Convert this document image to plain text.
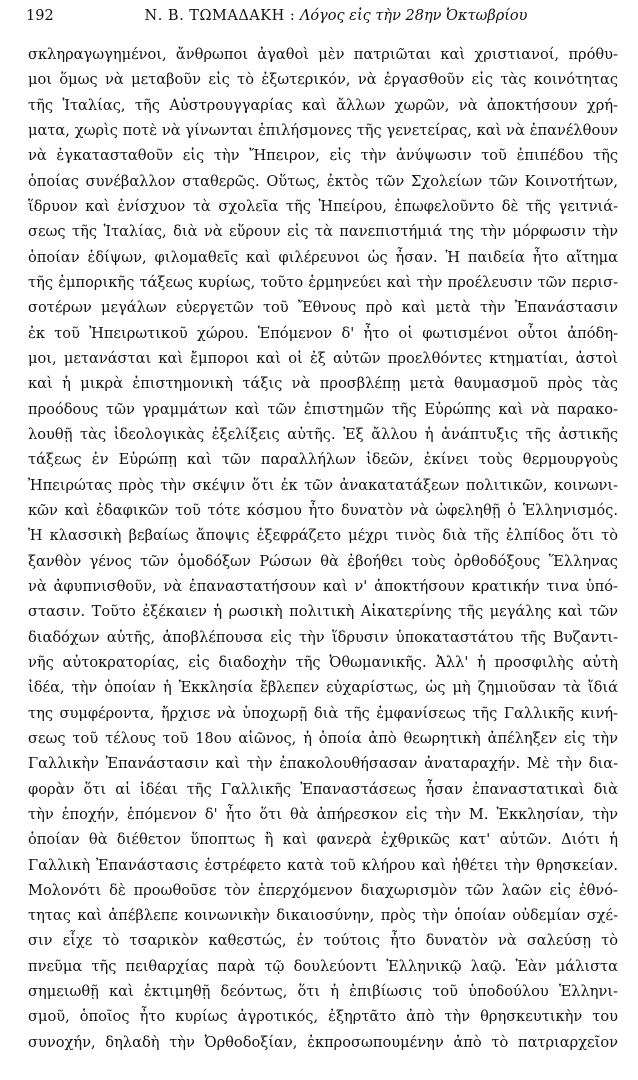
192	Ν. Β. ΤΩΜΑΔΑΚΗ : Λόγος εἰς τὴν 28ην Ὀκτωβρίου
σκληραγωγημένοι, ἄνθρωποι ἀγαθοὶ μὲν πατριῶται καὶ χριστιανοί, πρόθυ-
μοι ὅμως νὰ μεταβοῦν εἰς τὸ ἐξωτερικόν, νὰ ἐργασθοῦν εἰς τὰς κοινότητας
τῆς Ἰταλίας, τῆς Αὐστρουγγαρίας καὶ ἄλλων χωρῶν, νὰ ἀποκτήσουν χρή-
ματα, χωρὶς ποτὲ νὰ γίνωνται ἐπιλήσμονες τῆς γενετείρας, καὶ νὰ ἐπανέλθουν
νὰ ἐγκατασταθοῦν εἰς τὴν Ἤπειρον, εἰς τὴν ἀνύψωσιν τοῦ ἐπιπέδου τῆς
ὁποίας συνέβαλλον σταθερῶς. Οὕτως, ἐκτὸς τῶν Σχολείων τῶν Κοινοτήτων,
ἵδρυον καὶ ἐνίσχυον τὰ σχολεῖα τῆς Ἠπείρου, ἐπωφελοῦντο δὲ τῆς γειτνιά-
σεως τῆς Ἰταλίας, διὰ νὰ εὕρουν εἰς τὰ πανεπιστήμιά της τὴν μόρφωσιν τὴν
ὁποίαν ἐδίψων, φιλομαθεῖς καὶ φιλέρευνοι ὡς ἦσαν. Ἡ παιδεία ἦτο αἴτημα
τῆς ἐμπορικῆς τάξεως κυρίως, τοῦτο ἑρμηνεύει καὶ τὴν προέλευσιν τῶν περισ-
σοτέρων μεγάλων εὐεργετῶν τοῦ Ἔθνους πρὸ καὶ μετὰ τὴν Ἐπανάστασιν
ἐκ τοῦ Ἠπειρωτικοῦ χώρου. Ἑπόμενον δ' ἦτο οἱ φωτισμένοι οὗτοι ἀπόδη-
μοι, μετανάσται καὶ ἔμποροι καὶ οἱ ἐξ αὐτῶν προελθόντες κτηματίαι, ἀστοὶ
καὶ ἡ μικρὰ ἐπιστημονικὴ τάξις νὰ προσβλέπῃ μετὰ θαυμασμοῦ πρὸς τὰς
προόδους τῶν γραμμάτων καὶ τῶν ἐπιστημῶν τῆς Εὐρώπης καὶ νὰ παρακο-
λουθῇ τὰς ἰδεολογικὰς ἐξελίξεις αὐτῆς. Ἐξ ἄλλου ἡ ἀνάπτυξις τῆς ἀστικῆς
τάξεως ἐν Εὐρώπῃ καὶ τῶν παραλλήλων ἰδεῶν, ἐκίνει τοὺς θερμουργοὺς
Ἠπειρώτας πρὸς τὴν σκέψιν ὅτι ἐκ τῶν ἀνακατατάξεων πολιτικῶν, κοινωνι-
κῶν καὶ ἐδαφικῶν τοῦ τότε κόσμου ἦτο δυνατὸν νὰ ὠφεληθῇ ὁ Ἑλληνισμός.
Ἡ κλασσικὴ βεβαίως ἄποψις ἐξεφράζετο μέχρι τινὸς διὰ τῆς ἐλπίδος ὅτι τὸ
ξανθὸν γένος τῶν ὁμοδόξων Ρώσων θὰ ἐβοήθει τοὺς ὀρθοδόξους Ἕλληνας
νὰ ἀφυπνισθοῦν, νὰ ἐπαναστατήσουν καὶ ν' ἀποκτήσουν κρατικήν τινα ὑπό-
στασιν. Τοῦτο ἐξέκαιεν ἡ ρωσικὴ πολιτικὴ Αἰκατερίνης τῆς μεγάλης καὶ τῶν
διαδόχων αὐτῆς, ἀποβλέπουσα εἰς τὴν ἵδρυσιν ὑποκαταστάτου τῆς Βυζαντι-
νῆς αὐτοκρατορίας, εἰς διαδοχὴν τῆς Ὀθωμανικῆς. Ἀλλ' ἡ προσφιλὴς αὐτὴ
ἰδέα, τὴν ὁποίαν ἡ Ἐκκλησία ἔβλεπεν εὐχαρίστως, ὡς μὴ ζημιοῦσαν τὰ ἴδιά
της συμφέροντα, ἤρχισε νὰ ὑποχωρῇ διὰ τῆς ἐμφανίσεως τῆς Γαλλικῆς κινή-
σεως τοῦ τέλους τοῦ 18ου αἰῶνος, ἡ ὁποία ἀπὸ θεωρητικὴ ἀπέληξεν εἰς τὴν
Γαλλικὴν Ἐπανάστασιν καὶ τὴν ἐπακολουθήσασαν ἀναταραχήν. Μὲ τὴν δια-
φορὰν ὅτι αἱ ἰδέαι τῆς Γαλλικῆς Ἐπαναστάσεως ἦσαν ἐπαναστατικαὶ διὰ
τὴν ἐποχήν, ἑπόμενον δ' ἦτο ὅτι θὰ ἀπήρεσκον εἰς τὴν Μ. Ἐκκλησίαν, τὴν
ὁποίαν θὰ διέθετον ὕποπτως ἢ καὶ φανερὰ ἐχθρικῶς κατ' αὐτῶν. Διότι ἡ
Γαλλικὴ Ἐπανάστασις ἐστρέφετο κατὰ τοῦ κλήρου καὶ ἠθέτει τὴν θρησκείαν.
Μολονότι δὲ προωθοῦσε τὸν ἐπερχόμενον διαχωρισμὸν τῶν λαῶν εἰς ἐθνό-
τητας καὶ ἀπέβλεπε κοινωνικὴν δικαιοσύνην, πρὸς τὴν ὁποίαν οὐδεμίαν σχέ-
σιν εἶχε τὸ τσαρικὸν καθεστώς, ἐν τούτοις ἦτο δυνατὸν νὰ σαλεύσῃ τὸ
πνεῦμα τῆς πειθαρχίας παρὰ τῷ δουλεύοντι Ἑλληνικῷ λαῷ. Ἐὰν μάλιστα
σημειωθῇ καὶ ἐκτιμηθῇ δεόντως, ὅτι ἡ ἐπιβίωσις τοῦ ὑποδούλου Ἑλληνι-
σμοῦ, ὁποῖος ἦτο κυρίως ἀγροτικός, ἐξηρτᾶτο ἀπὸ τὴν θρησκευτικὴν του
συνοχήν, δηλαδὴ τὴν Ὀρθοδοξίαν, ἐκπροσωπουμένην ἀπὸ τὸ πατριαρχεῖον
